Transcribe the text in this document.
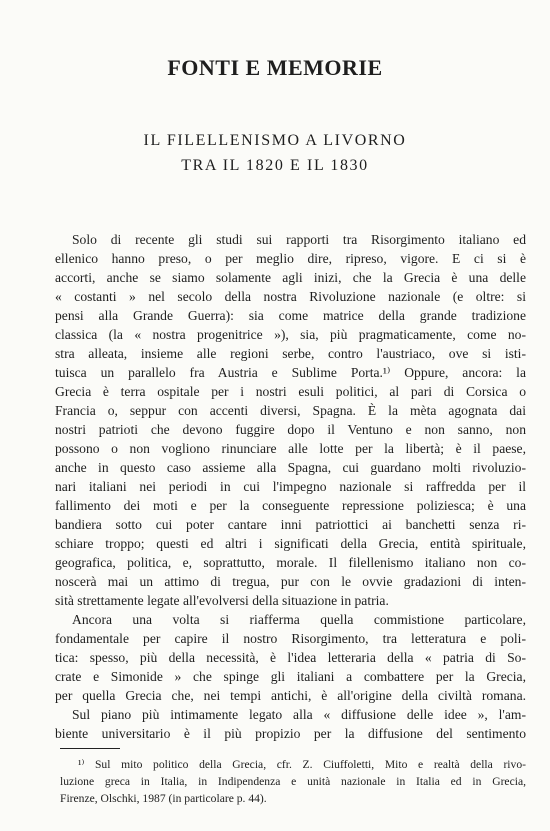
FONTI E MEMORIE
IL FILELLENISMO A LIVORNO
TRA IL 1820 E IL 1830

Solo di recente gli studi sui rapporti tra Risorgimento italiano ed

ellenico hanno preso, o per meglio dire, ripreso, vigore. E ci si è

accorti, anche se siamo solamente agli inizi, che la Grecia è una delle

« costanti » nel secolo della nostra Rivoluzione nazionale (e oltre: si

pensi alla Grande Guerra): sia come matrice della grande tradizione

classica (la « nostra progenitrice »), sia, più pragmaticamente, come no-

stra alleata, insieme alle regioni serbe, contro l'austriaco, ove si isti-

tuisca un parallelo fra Austria e Sublime Porta.¹⁾ Oppure, ancora: la

Grecia è terra ospitale per i nostri esuli politici, al pari di Corsica o

Francia o, seppur con accenti diversi, Spagna. È la mèta agognata dai

nostri patrioti che devono fuggire dopo il Ventuno e non sanno, non

possono o non vogliono rinunciare alle lotte per la libertà; è il paese,

anche in questo caso assieme alla Spagna, cui guardano molti rivoluzio-

nari italiani nei periodi in cui l'impegno nazionale si raffredda per il

fallimento dei moti e per la conseguente repressione poliziesca; è una

bandiera sotto cui poter cantare inni patriottici ai banchetti senza ri-

schiare troppo; questi ed altri i significati della Grecia, entità spirituale,

geografica, politica, e, soprattutto, morale. Il filellenismo italiano non co-

noscerà mai un attimo di tregua, pur con le ovvie gradazioni di inten-

sità strettamente legate all'evolversi della situazione in patria.

Ancora una volta si riafferma quella commistione particolare,

fondamentale per capire il nostro Risorgimento, tra letteratura e poli-

tica: spesso, più della necessità, è l'idea letteraria della « patria di So-

crate e Simonide » che spinge gli italiani a combattere per la Grecia,

per quella Grecia che, nei tempi antichi, è all'origine della civiltà romana.

Sul piano più intimamente legato alla « diffusione delle idee », l'am-

biente universitario è il più propizio per la diffusione del sentimento

¹⁾ Sul mito politico della Grecia, cfr. Z. Ciuffoletti, Mito e realtà della rivo-

luzione greca in Italia, in Indipendenza e unità nazionale in Italia ed in Grecia,

Firenze, Olschki, 1987 (in particolare p. 44).
